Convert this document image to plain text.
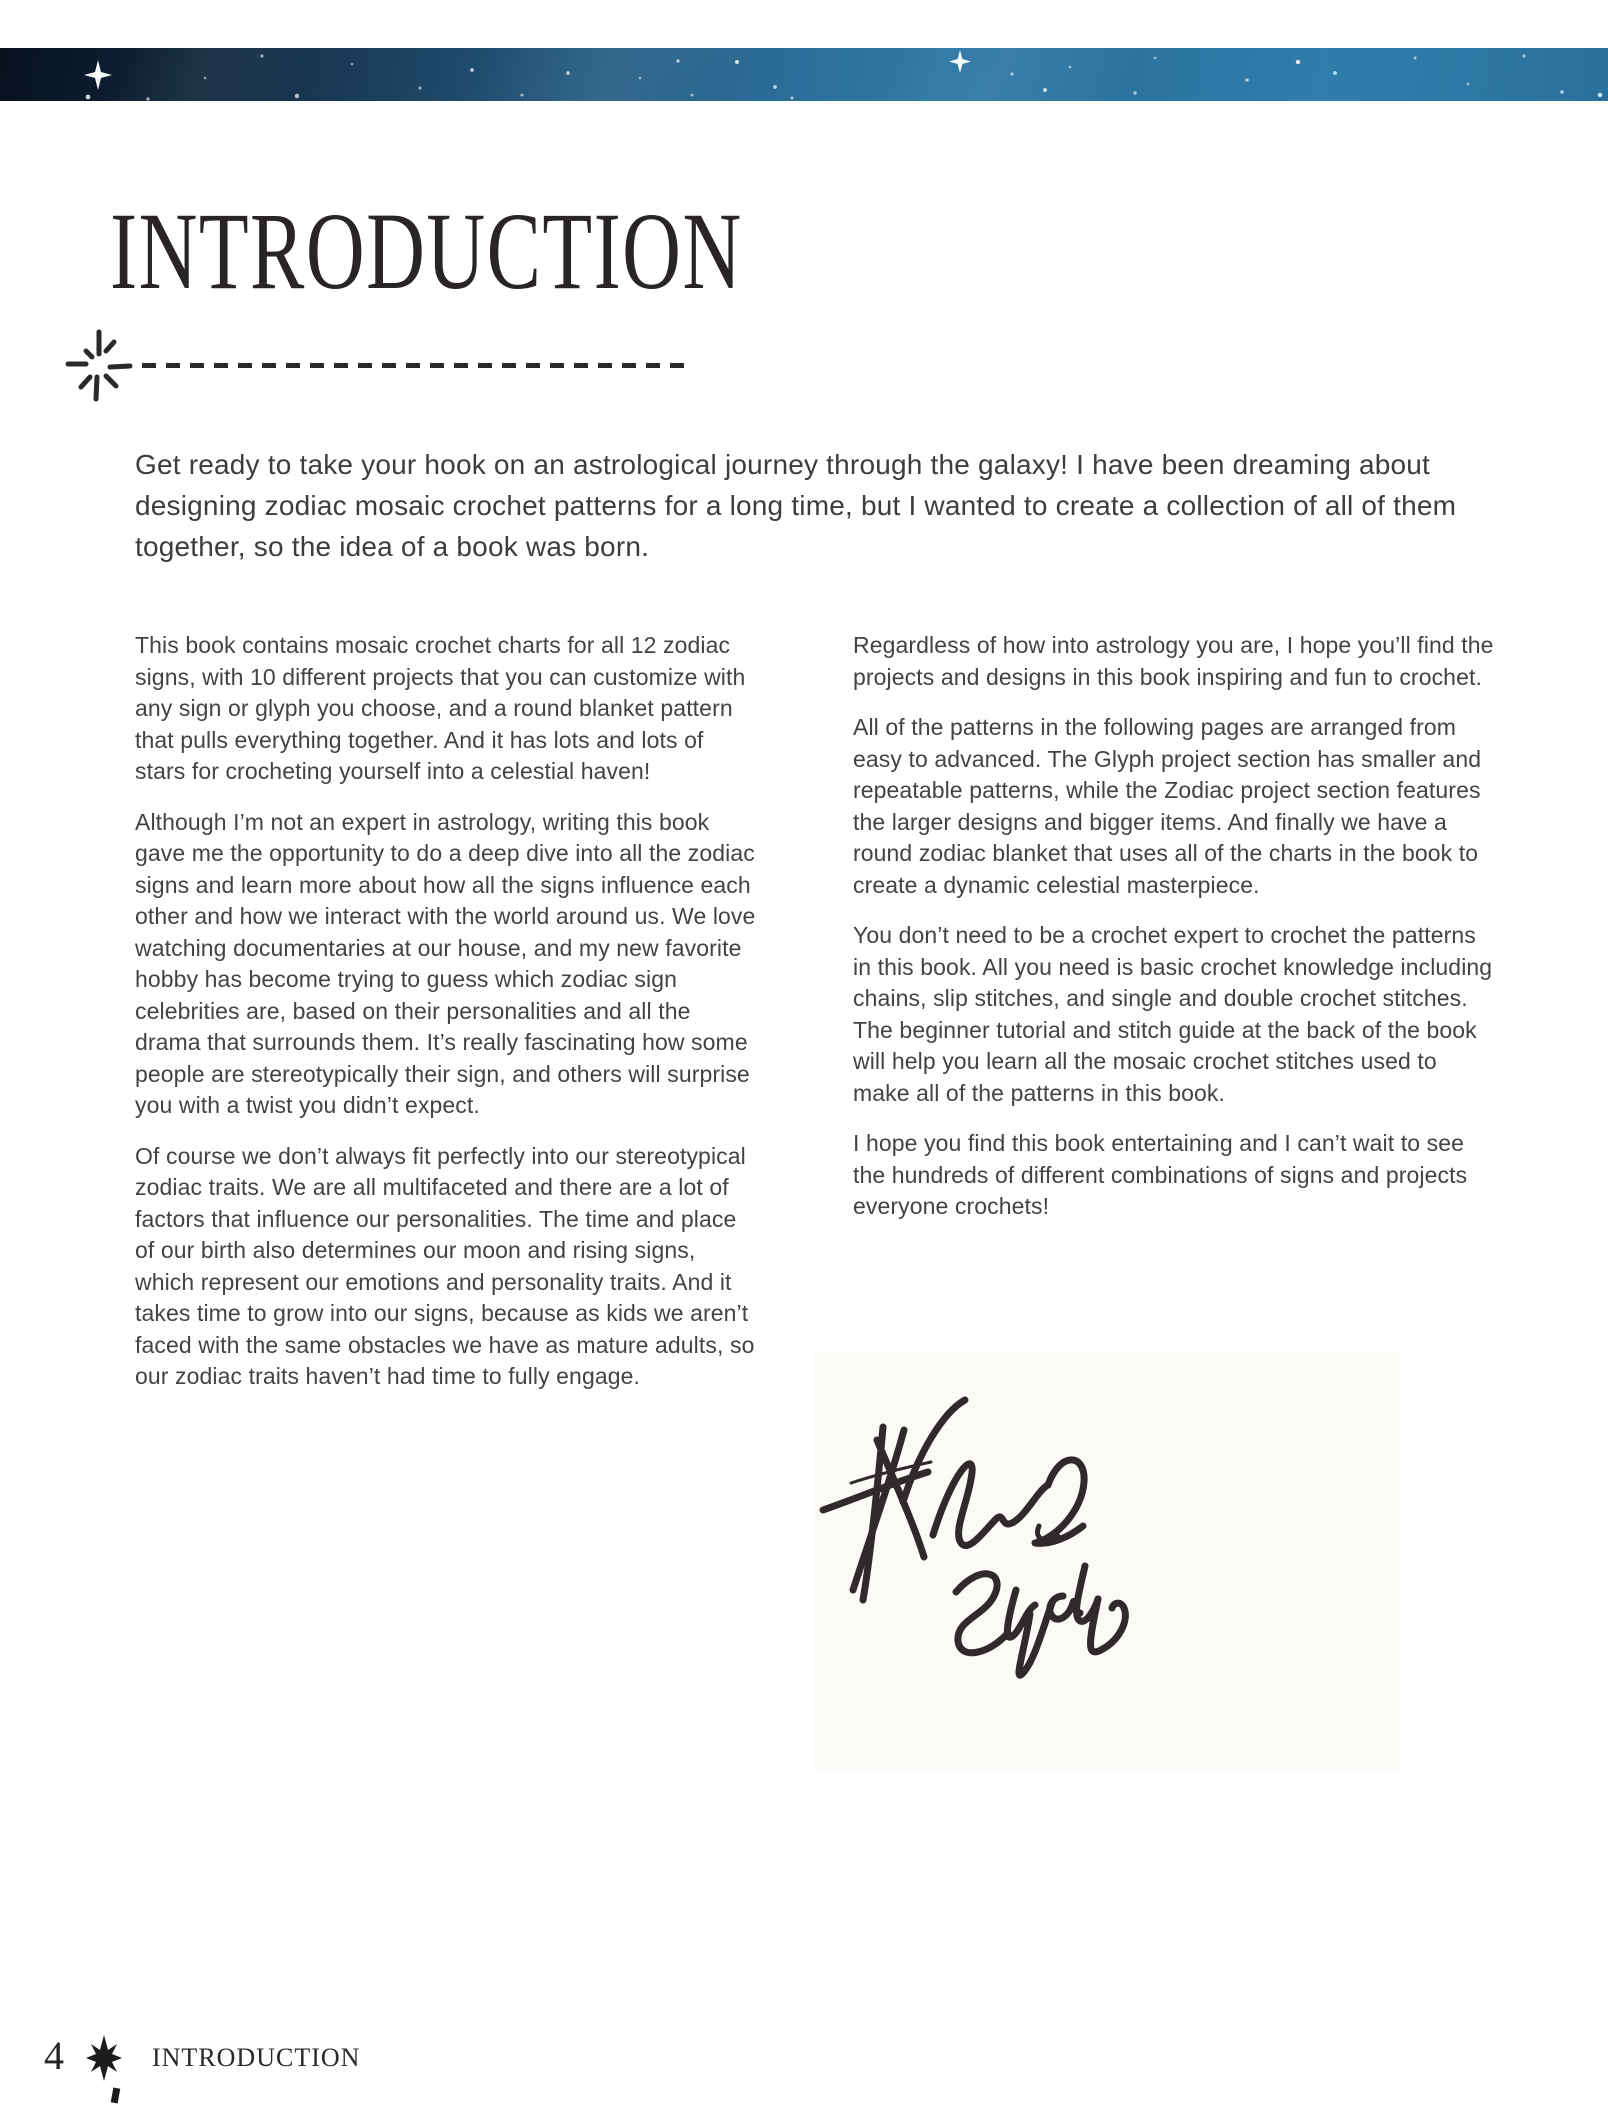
INTRODUCTION

Get ready to take your hook on an astrological journey through the galaxy! I have been dreaming about designing zodiac mosaic crochet patterns for a long time, but I wanted to create a collection of all of them together, so the idea of a book was born.

This book contains mosaic crochet charts for all 12 zodiac signs, with 10 different projects that you can customize with any sign or glyph you choose, and a round blanket pattern that pulls everything together. And it has lots and lots of stars for crocheting yourself into a celestial haven!

Although I’m not an expert in astrology, writing this book gave me the opportunity to do a deep dive into all the zodiac signs and learn more about how all the signs influence each other and how we interact with the world around us. We love watching documentaries at our house, and my new favorite hobby has become trying to guess which zodiac sign celebrities are, based on their personalities and all the drama that surrounds them. It’s really fascinating how some people are stereotypically their sign, and others will surprise you with a twist you didn’t expect.

Of course we don’t always fit perfectly into our stereotypical zodiac traits. We are all multifaceted and there are a lot of factors that influence our personalities. The time and place of our birth also determines our moon and rising signs, which represent our emotions and personality traits. And it takes time to grow into our signs, because as kids we aren’t faced with the same obstacles we have as mature adults, so our zodiac traits haven’t had time to fully engage.

Regardless of how into astrology you are, I hope you’ll find the projects and designs in this book inspiring and fun to crochet.

All of the patterns in the following pages are arranged from easy to advanced. The Glyph project section has smaller and repeatable patterns, while the Zodiac project section features the larger designs and bigger items. And finally we have a round zodiac blanket that uses all of the charts in the book to create a dynamic celestial masterpiece.

You don’t need to be a crochet expert to crochet the patterns in this book. All you need is basic crochet knowledge including chains, slip stitches, and single and double crochet stitches. The beginner tutorial and stitch guide at the back of the book will help you learn all the mosaic crochet stitches used to make all of the patterns in this book.

I hope you find this book entertaining and I can’t wait to see the hundreds of different combinations of signs and projects everyone crochets!

4	INTRODUCTION
